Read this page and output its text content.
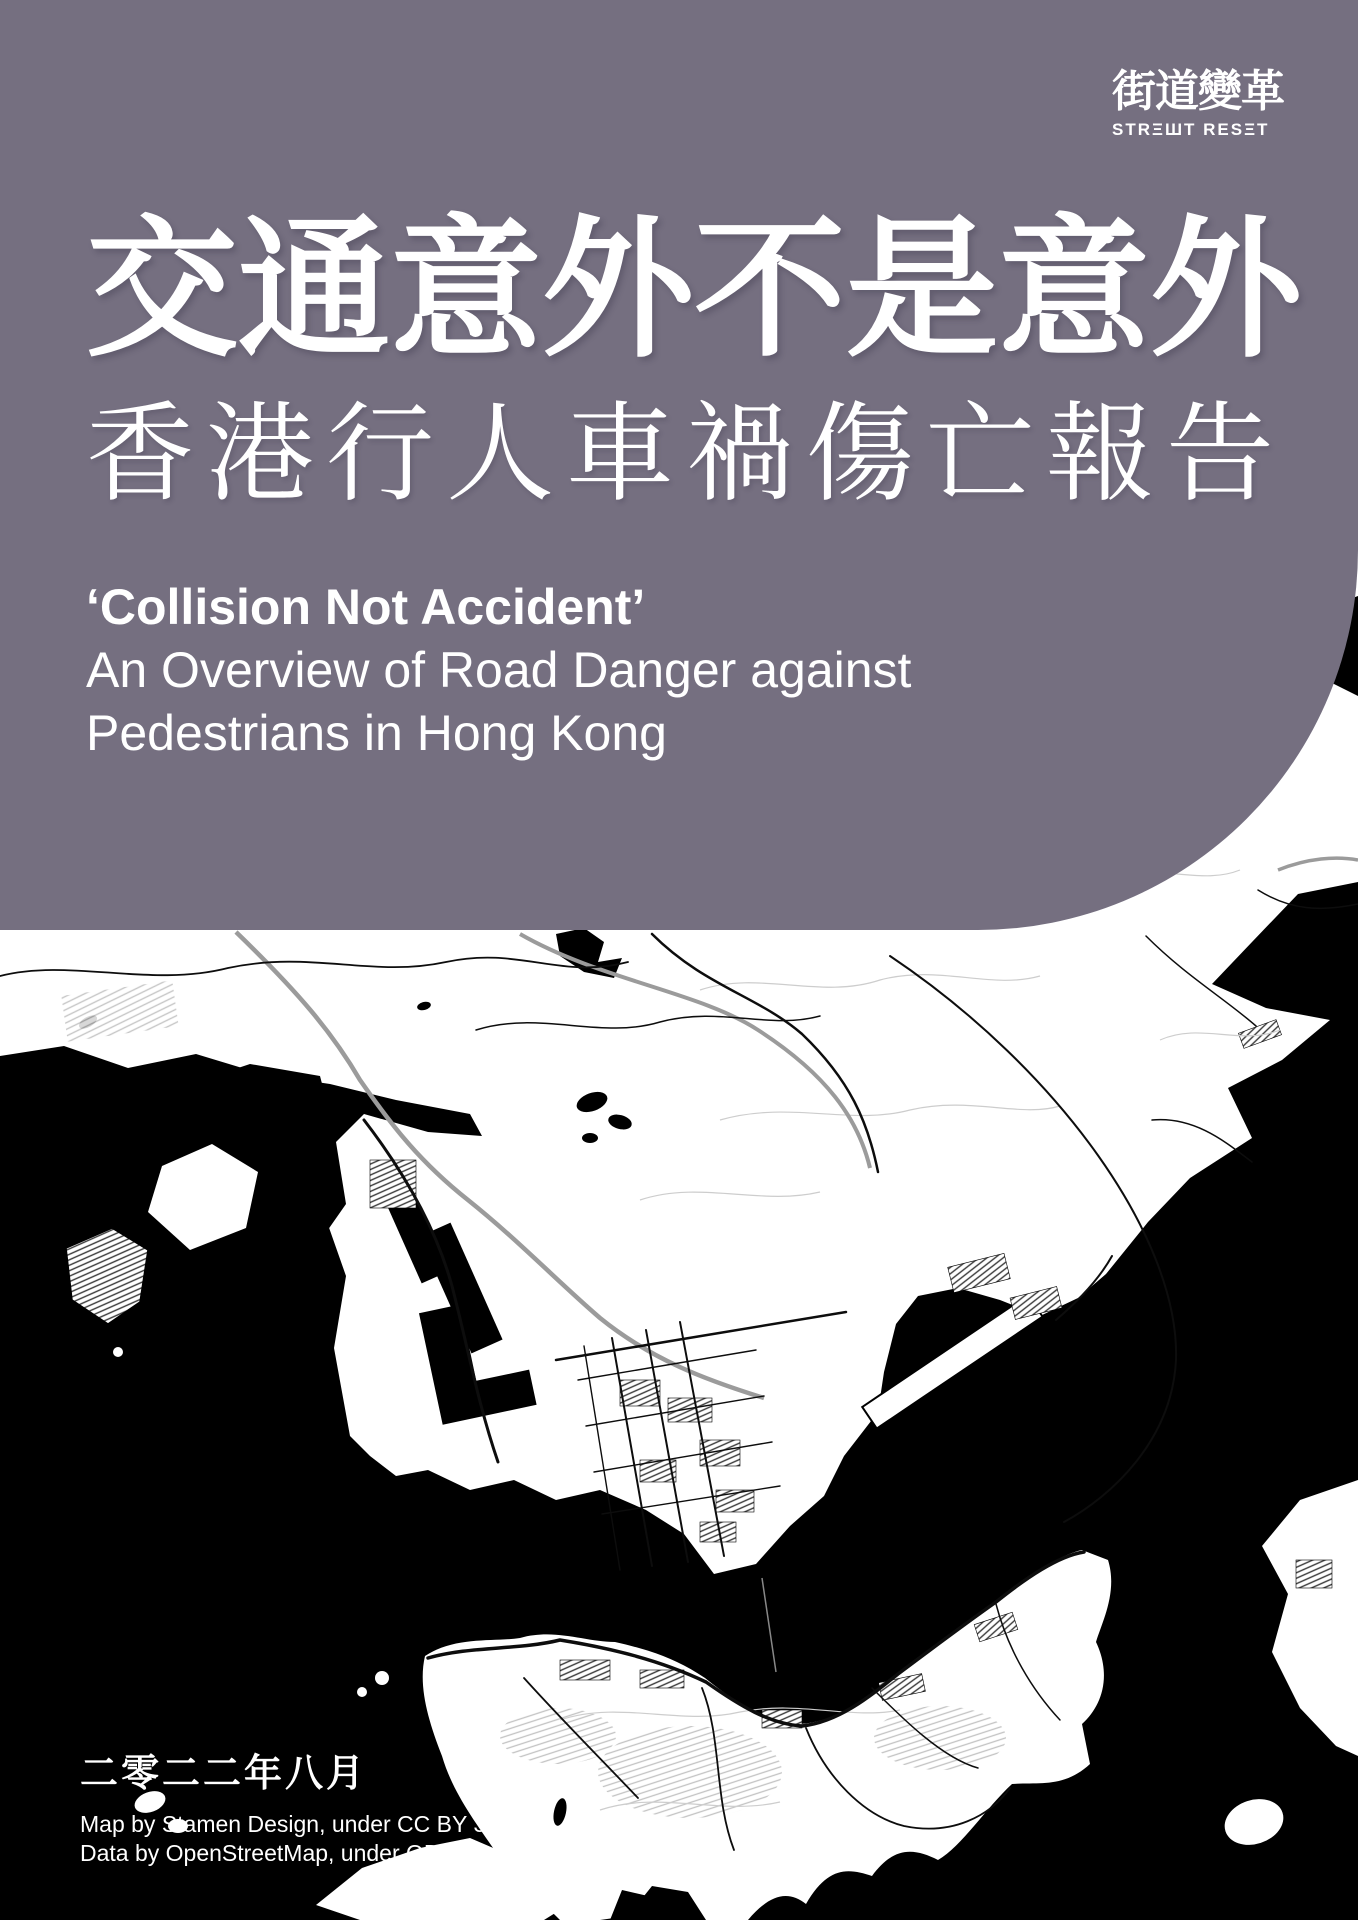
街道變革
STRΞШT RESΞT
交通意外不是意外
香港行人車禍傷亡報告
‘Collision Not Accident’
An Overview of Road Danger against
Pedestrians in Hong Kong
二零二二年八月
Map by Stamen Design, under CC BY 3.0.
Data by OpenStreetMap, under ODbL.
